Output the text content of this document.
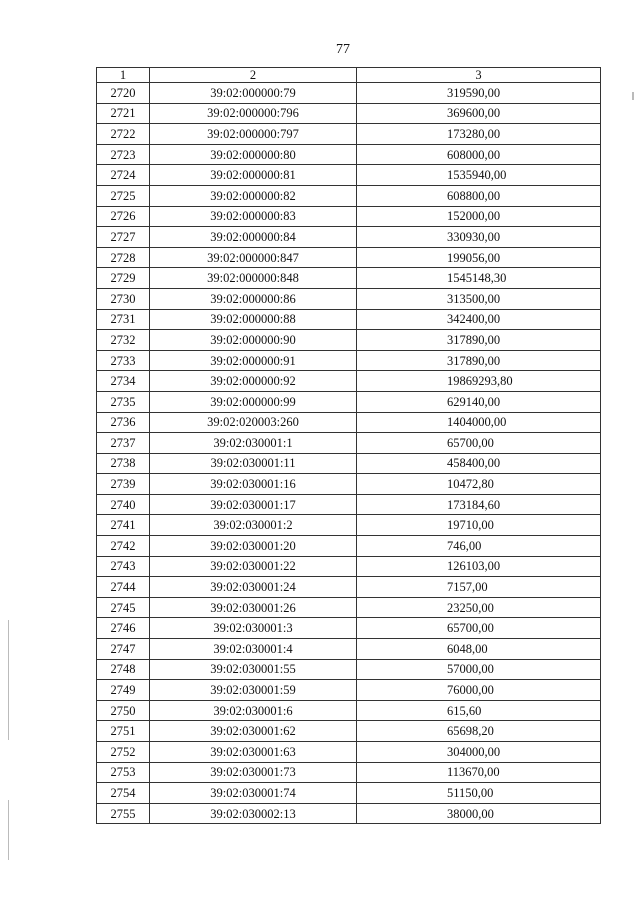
77
1	2	3
2720	39:02:000000:79	319590,00
2721	39:02:000000:796	369600,00
2722	39:02:000000:797	173280,00
2723	39:02:000000:80	608000,00
2724	39:02:000000:81	1535940,00
2725	39:02:000000:82	608800,00
2726	39:02:000000:83	152000,00
2727	39:02:000000:84	330930,00
2728	39:02:000000:847	199056,00
2729	39:02:000000:848	1545148,30
2730	39:02:000000:86	313500,00
2731	39:02:000000:88	342400,00
2732	39:02:000000:90	317890,00
2733	39:02:000000:91	317890,00
2734	39:02:000000:92	19869293,80
2735	39:02:000000:99	629140,00
2736	39:02:020003:260	1404000,00
2737	39:02:030001:1	65700,00
2738	39:02:030001:11	458400,00
2739	39:02:030001:16	10472,80
2740	39:02:030001:17	173184,60
2741	39:02:030001:2	19710,00
2742	39:02:030001:20	746,00
2743	39:02:030001:22	126103,00
2744	39:02:030001:24	7157,00
2745	39:02:030001:26	23250,00
2746	39:02:030001:3	65700,00
2747	39:02:030001:4	6048,00
2748	39:02:030001:55	57000,00
2749	39:02:030001:59	76000,00
2750	39:02:030001:6	615,60
2751	39:02:030001:62	65698,20
2752	39:02:030001:63	304000,00
2753	39:02:030001:73	113670,00
2754	39:02:030001:74	51150,00
2755	39:02:030002:13	38000,00
